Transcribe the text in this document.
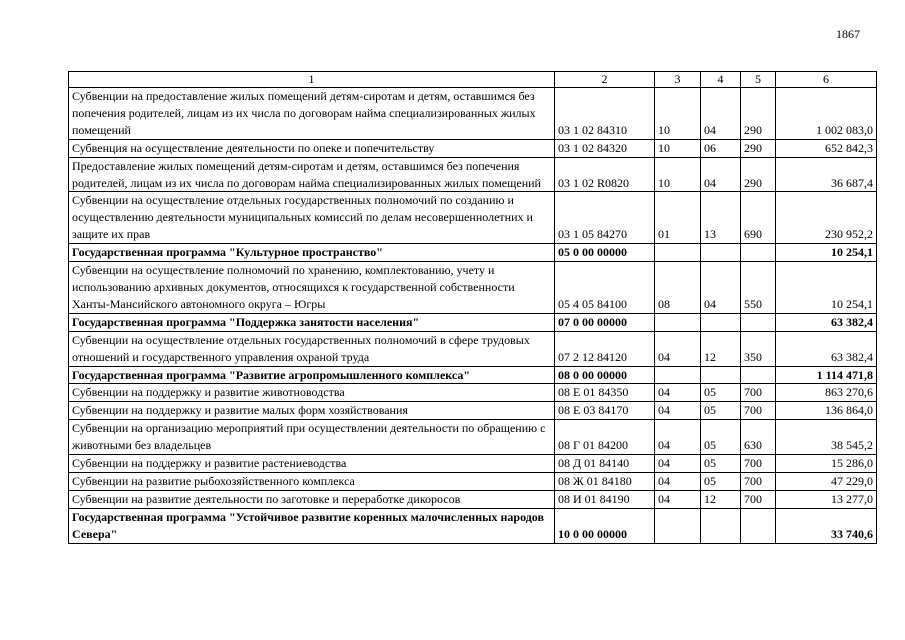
1867
1	2	3	4	5	6
Субвенции на предоставление жилых помещений детям-сиротам и детям, оставшимся без попечения родителей, лицам из их числа по договорам найма специализированных жилых помещений	03 1 02 84310	10	04	290	1 002 083,0
Субвенция на осуществление деятельности по опеке и попечительству	03 1 02 84320	10	06	290	652 842,3
Предоставление жилых помещений детям-сиротам и детям, оставшимся без попечения родителей, лицам из их числа по договорам найма специализированных жилых помещений	03 1 02 R0820	10	04	290	36 687,4
Субвенции на осуществление отдельных государственных полномочий по созданию и осуществлению деятельности муниципальных комиссий по делам несовершеннолетних и защите их прав	03 1 05 84270	01	13	690	230 952,2
Государственная программа "Культурное пространство"	05 0 00 00000				10 254,1
Субвенции на осуществление полномочий по хранению, комплектованию, учету и использованию архивных документов, относящихся к государственной собственности Ханты-Мансийского автономного округа – Югры	05 4 05 84100	08	04	550	10 254,1
Государственная программа "Поддержка занятости населения"	07 0 00 00000				63 382,4
Субвенции на осуществление отдельных государственных полномочий в сфере трудовых отношений и государственного управления охраной труда	07 2 12 84120	04	12	350	63 382,4
Государственная программа "Развитие агропромышленного комплекса"	08 0 00 00000				1 114 471,8
Субвенции на поддержку и развитие животноводства	08 Е 01 84350	04	05	700	863 270,6
Субвенции на поддержку и развитие малых форм хозяйствования	08 Е 03 84170	04	05	700	136 864,0
Субвенции на организацию мероприятий при осуществлении деятельности по обращению с животными без владельцев	08 Г 01 84200	04	05	630	38 545,2
Субвенции на поддержку и развитие растениеводства	08 Д 01 84140	04	05	700	15 286,0
Субвенции на развитие рыбохозяйственного комплекса	08 Ж 01 84180	04	05	700	47 229,0
Субвенции на развитие деятельности по заготовке и переработке дикоросов	08 И 01 84190	04	12	700	13 277,0
Государственная программа "Устойчивое развитие коренных малочисленных народов Севера"	10 0 00 00000				33 740,6
